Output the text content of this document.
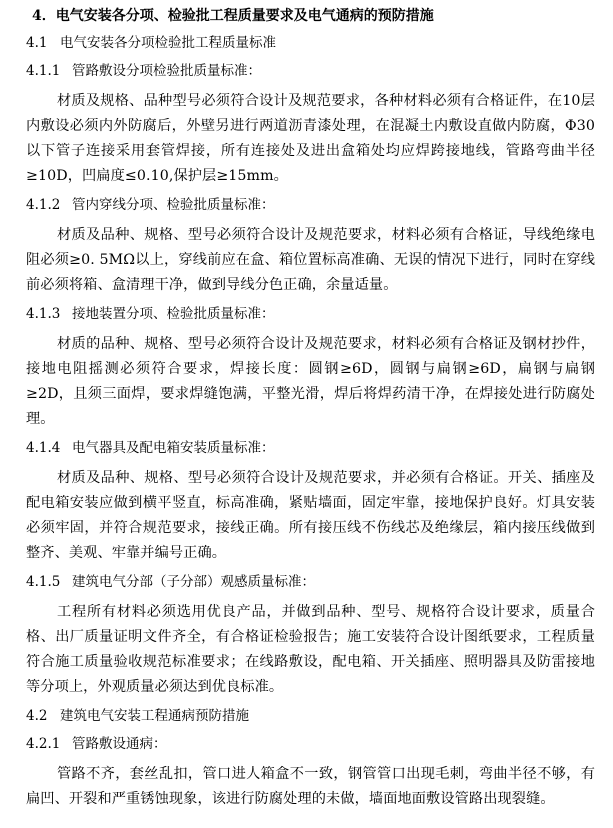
4．电气安装各分项、检验批工程质量要求及电气通病的预防措施
4.1 电气安装各分项检验批工程质量标准
4.1.1 管路敷设分项检验批质量标准：

材质及规格、品种型号必须符合设计及规范要求，各种材料必须有合格证件，在10层内敷设必须内外防腐后，外壁另进行两道沥青漆处理，在混凝土内敷设直做内防腐，Φ30以下管子连接采用套管焊接，所有连接处及进出盒箱处均应焊跨接地线，管路弯曲半径≥10D，凹扁度≤0.10,保护层≥15mm。

4.1.2 管内穿线分项、检验批质量标准：

材质及品种、规格、型号必须符合设计及规范要求，材料必须有合格证，导线绝缘电阻必须≥0. 5MΩ以上，穿线前应在盒、箱位置标高准确、无误的情况下进行，同时在穿线前必须将箱、盒清理干净，做到导线分色正确，余量适量。

4.1.3 接地装置分项、检验批质量标准：

材质的品种、规格、型号必须符合设计及规范要求，材料必须有合格证及钢材抄件，接地电阻摇测必须符合要求，焊接长度：圆钢≥6D，圆钢与扁钢≥6D，扁钢与扁钢≥2D，且须三面焊，要求焊缝饱满，平整光滑，焊后将焊药清干净，在焊接处进行防腐处理。

4.1.4 电气器具及配电箱安装质量标准：

材质及品种、规格、型号必须符合设计及规范要求，并必须有合格证。开关、插座及配电箱安装应做到横平竖直，标高准确，紧贴墙面，固定牢靠，接地保护良好。灯具安装必须牢固，并符合规范要求，接线正确。所有接压线不伤线芯及绝缘层，箱内接压线做到整齐、美观、牢靠并编号正确。

4.1.5 建筑电气分部（子分部）观感质量标准：

工程所有材料必须选用优良产品，并做到品种、型号、规格符合设计要求，质量合格、出厂质量证明文件齐全，有合格证检验报告；施工安装符合设计图纸要求，工程质量符合施工质量验收规范标准要求；在线路敷设，配电箱、开关插座、照明器具及防雷接地等分项上，外观质量必须达到优良标准。

4.2 建筑电气安装工程通病预防措施
4.2.1 管路敷设通病：

管路不齐，套丝乱扣，管口进人箱盒不一致，钢管管口出现毛刺，弯曲半径不够，有扁凹、开裂和严重锈蚀现象，该进行防腐处理的未做，墙面地面敷设管路出现裂缝。
